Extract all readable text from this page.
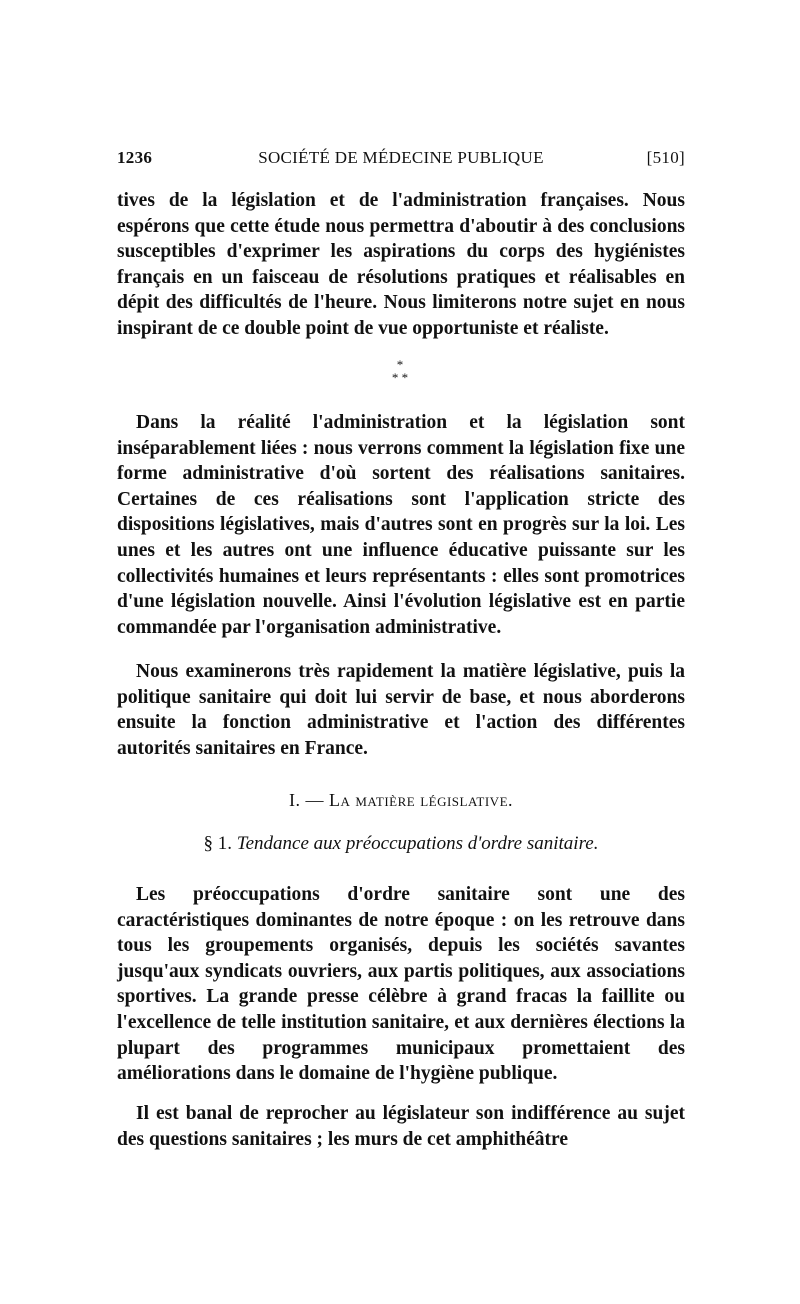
1236	SOCIÉTÉ DE MÉDECINE PUBLIQUE	[510]

tives de la législation et de l'administration françaises. Nous espérons que cette étude nous permettra d'aboutir à des conclusions susceptibles d'exprimer les aspirations du corps des hygiénistes français en un faisceau de résolutions pratiques et réalisables en dépit des difficultés de l'heure. Nous limiterons notre sujet en nous inspirant de ce double point de vue opportuniste et réaliste.

*
* *

Dans la réalité l'administration et la législation sont inséparablement liées : nous verrons comment la législation fixe une forme administrative d'où sortent des réalisations sanitaires. Certaines de ces réalisations sont l'application stricte des dispositions législatives, mais d'autres sont en progrès sur la loi. Les unes et les autres ont une influence éducative puissante sur les collectivités humaines et leurs représentants : elles sont promotrices d'une législation nouvelle. Ainsi l'évolution législative est en partie commandée par l'organisation administrative.

Nous examinerons très rapidement la matière législative, puis la politique sanitaire qui doit lui servir de base, et nous aborderons ensuite la fonction administrative et l'action des différentes autorités sanitaires en France.

I. — La matière législative.
§ 1. Tendance aux préoccupations d'ordre sanitaire.

Les préoccupations d'ordre sanitaire sont une des caractéristiques dominantes de notre époque : on les retrouve dans tous les groupements organisés, depuis les sociétés savantes jusqu'aux syndicats ouvriers, aux partis politiques, aux associations sportives. La grande presse célèbre à grand fracas la faillite ou l'excellence de telle institution sanitaire, et aux dernières élections la plupart des programmes municipaux promettaient des améliorations dans le domaine de l'hygiène publique.

Il est banal de reprocher au législateur son indifférence au sujet des questions sanitaires ; les murs de cet amphithéâtre
